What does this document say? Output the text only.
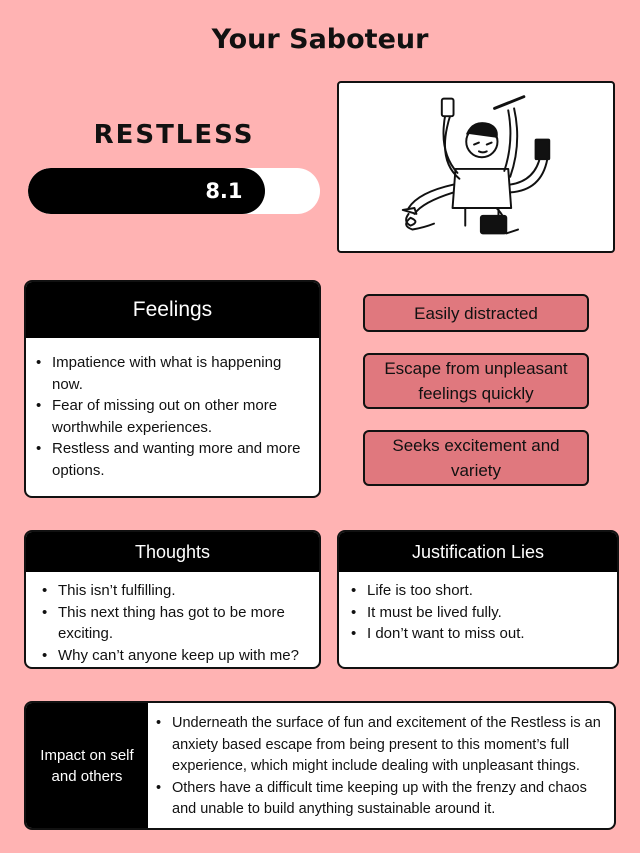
Your Saboteur
RESTLESS
8.1
Feelings
• Impatience with what is happening now.
• Fear of missing out on other more worthwhile experiences.
• Restless and wanting more and more options.
Easily distracted
Escape from unpleasant feelings quickly
Seeks excitement and variety
Thoughts
• This isn’t fulfilling.
• This next thing has got to be more exciting.
• Why can’t anyone keep up with me?
Justification Lies
• Life is too short.
• It must be lived fully.
• I don’t want to miss out.
Impact on self and others
• Underneath the surface of fun and excitement of the Restless is an anxiety based escape from being present to this moment’s full experience, which might include dealing with unpleasant things.
• Others have a difficult time keeping up with the frenzy and chaos and unable to build anything sustainable around it.
